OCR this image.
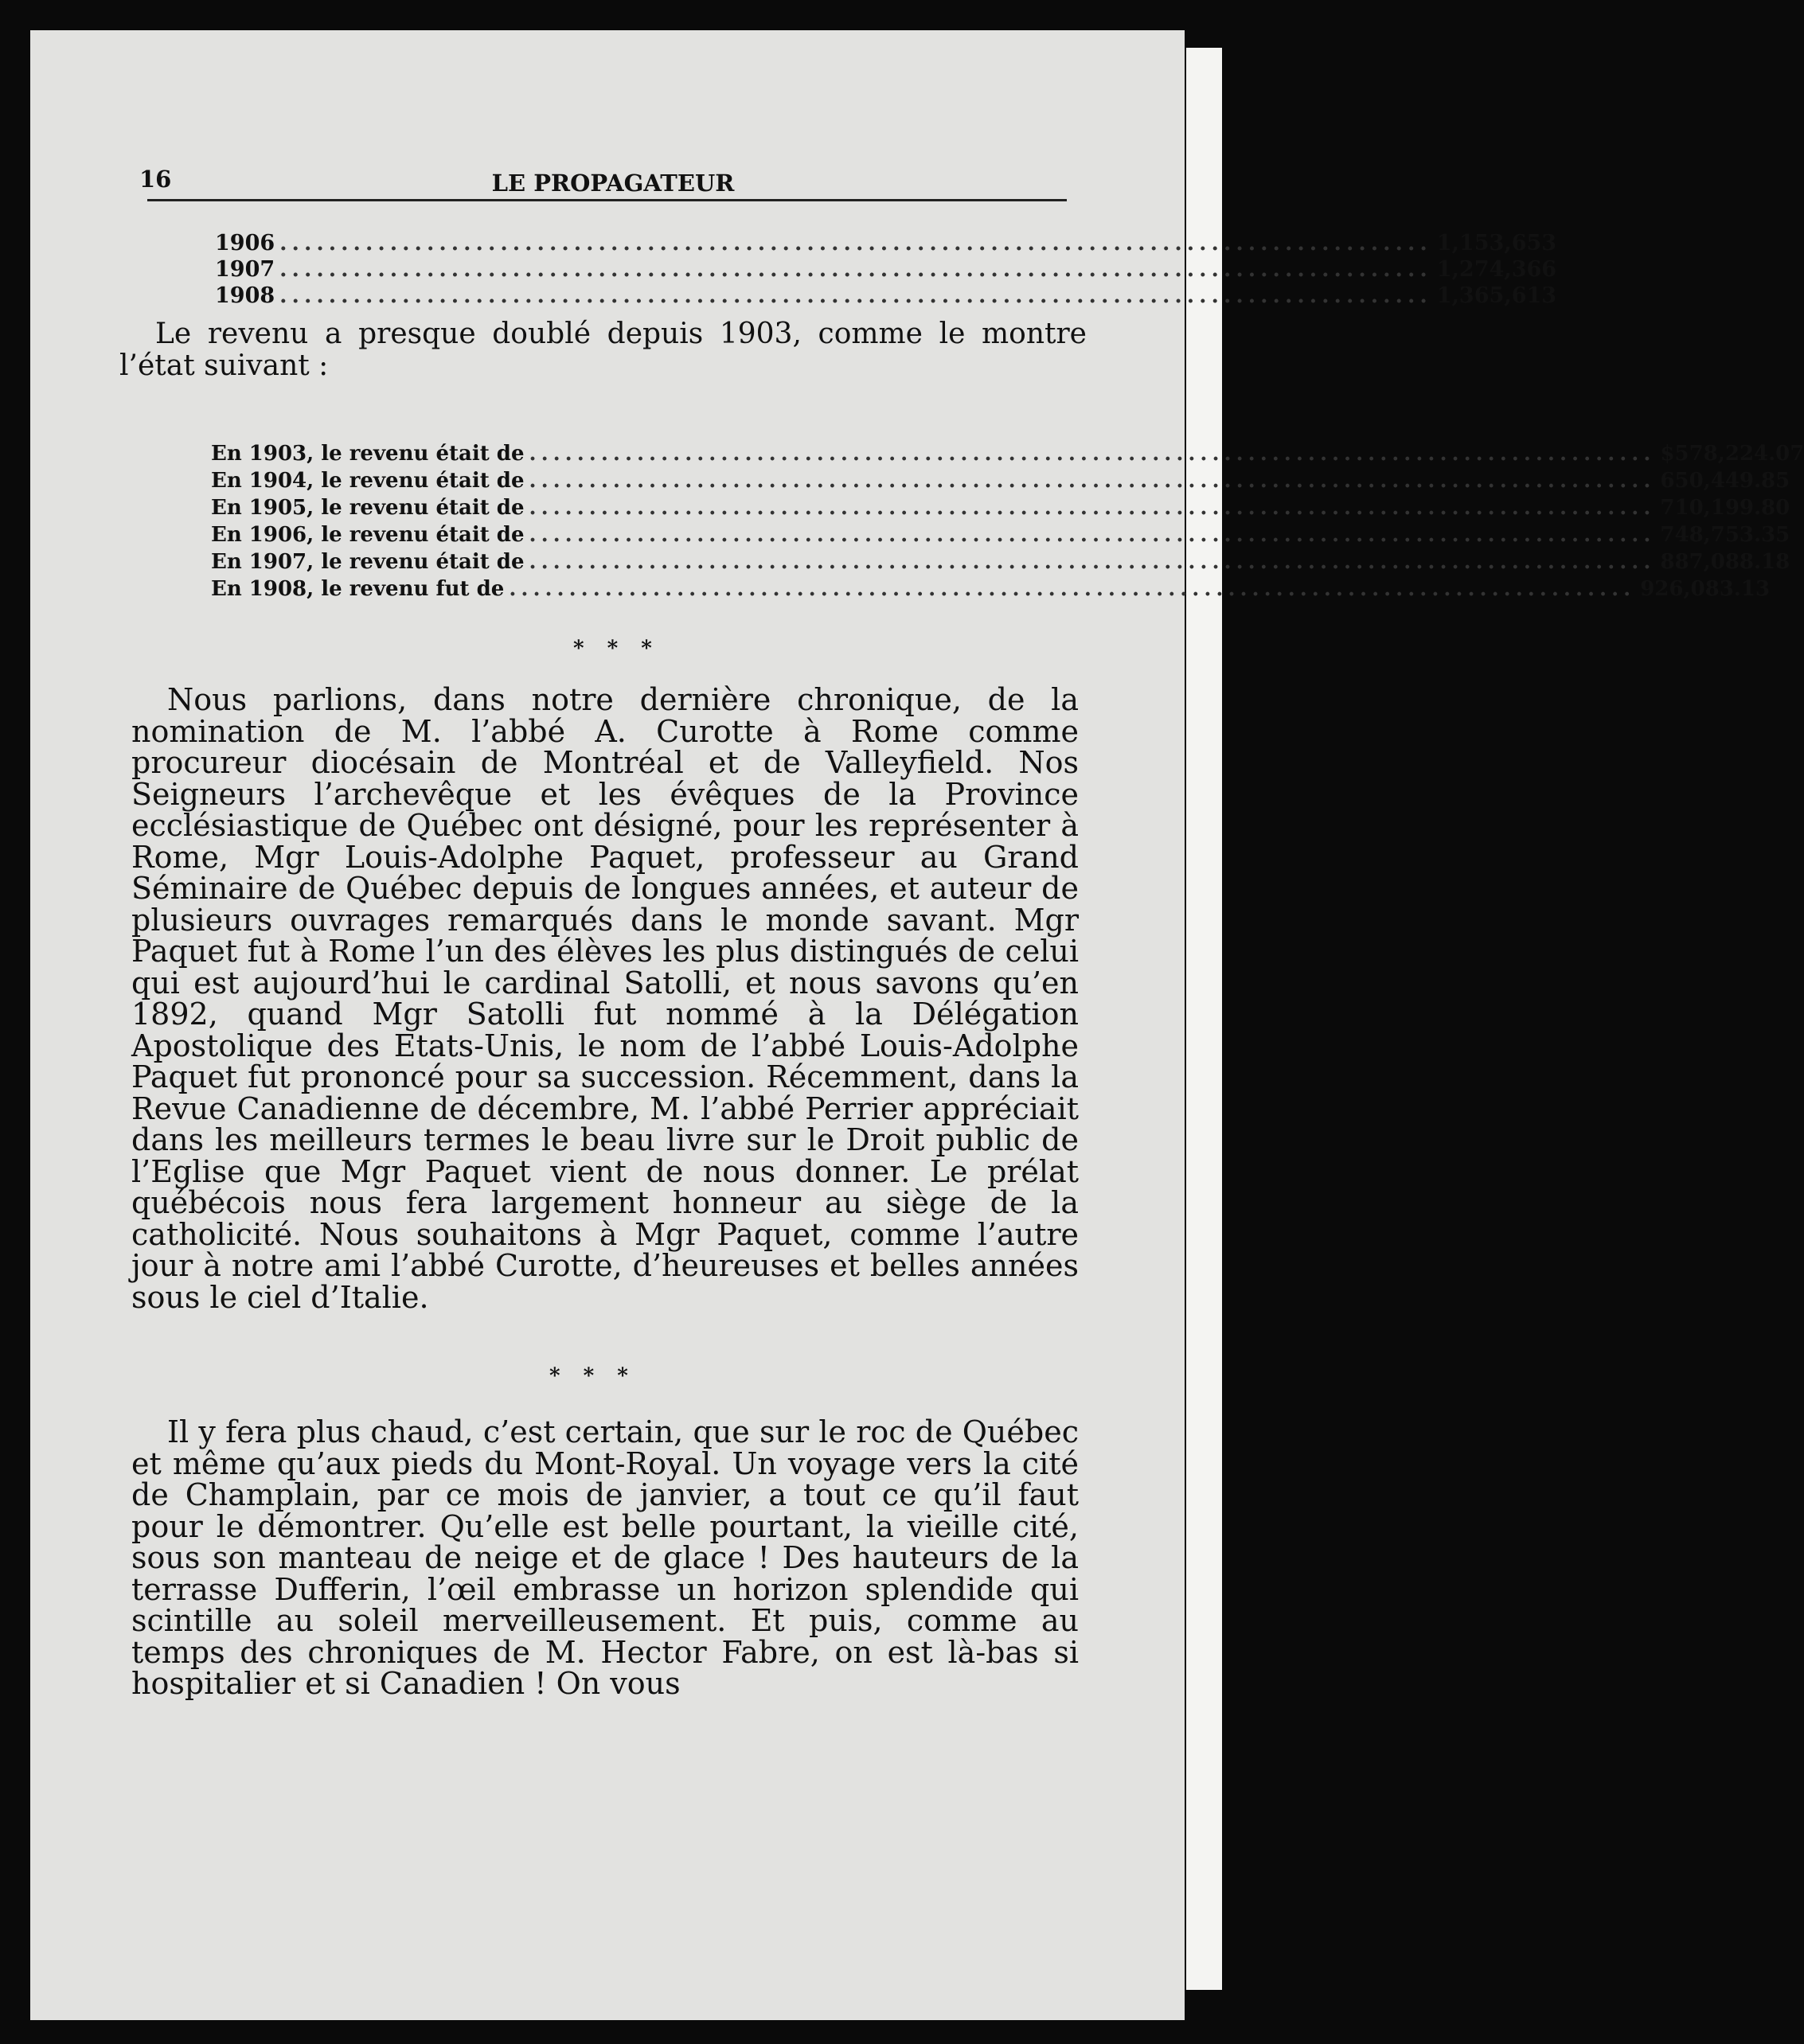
16	LE PROPAGATEUR
1906 .............................................................................................. 1,153,653
1907 .............................................................................................. 1,274,366
1908 .............................................................................................. 1,365,613

Le revenu a presque doublé depuis 1903, comme le montre l’état suivant :

En 1903, le revenu était de .............................................................................................. $578,224.07
En 1904, le revenu était de .............................................................................................. 650,449.85
En 1905, le revenu était de .............................................................................................. 710,199.80
En 1906, le revenu était de .............................................................................................. 748,753.35
En 1907, le revenu était de .............................................................................................. 887,088.18
En 1908, le revenu fut de .............................................................................................. 926,083.13
* * *

Nous parlions, dans notre dernière chronique, de la nomination de M. l’abbé A. Curotte à Rome comme procureur diocésain de Montréal et de Valleyfield. Nos Seigneurs l’archevêque et les évêques de la Province ecclésiastique de Québec ont désigné, pour les représenter à Rome, Mgr Louis-Adolphe Paquet, professeur au Grand Séminaire de Québec depuis de longues années, et auteur de plusieurs ouvrages remarqués dans le monde savant. Mgr Paquet fut à Rome l’un des élèves les plus distingués de celui qui est aujourd’hui le cardinal Satolli, et nous savons qu’en 1892, quand Mgr Satolli fut nommé à la Délégation Apostolique des Etats-Unis, le nom de l’abbé Louis-Adolphe Paquet fut prononcé pour sa succession. Récemment, dans la Revue Canadienne de décembre, M. l’abbé Perrier appréciait dans les meilleurs termes le beau livre sur le Droit public de l’Eglise que Mgr Paquet vient de nous donner. Le prélat québécois nous fera largement honneur au siège de la catholicité. Nous souhaitons à Mgr Paquet, comme l’autre jour à notre ami l’abbé Curotte, d’heureuses et belles années sous le ciel d’Italie.

* * *

Il y fera plus chaud, c’est certain, que sur le roc de Québec et même qu’aux pieds du Mont-Royal. Un voyage vers la cité de Champlain, par ce mois de janvier, a tout ce qu’il faut pour le démontrer. Qu’elle est belle pourtant, la vieille cité, sous son manteau de neige et de glace ! Des hauteurs de la terrasse Dufferin, l’œil embrasse un horizon splendide qui scintille au soleil merveilleusement. Et puis, comme au temps des chroniques de M. Hector Fabre, on est là-bas si hospitalier et si Canadien ! On vous
